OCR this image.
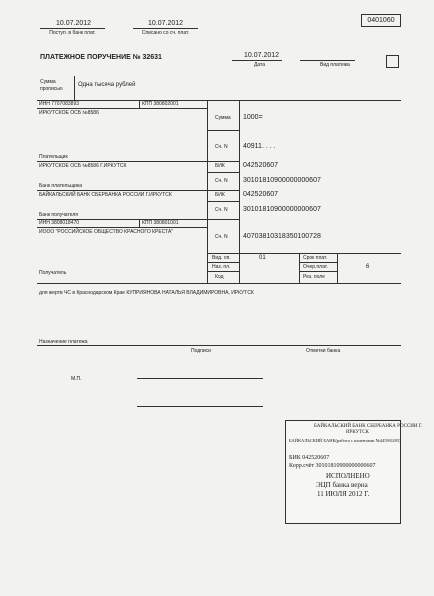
10.07.2012
Поступ. в банк плат.
10.07.2012
Списано со сч. плат.
0401060
ПЛАТЕЖНОЕ ПОРУЧЕНИЕ № 32631	10.07.2012
Дата	Вид платежа
Сумма
прописью
Одна тысяча рублей
ИНН 7707083893	КПП 380802001
ИРКУТСКОЕ ОСБ №8586
Сумма 1000=
Сч. N 40911. . . .
Плательщик
ИРКУТСКОЕ ОСБ №8586 Г.ИРКУТСК	БИК	042520607
Сч. N 30101810900000000607
Банк плательщика
БАЙКАЛЬСКИЙ БАНК СБЕРБАНКА РОССИИ Г.ИРКУТСК	БИК	042520607
Сч. N 30101810900000000607
Банк получателя
ИНН 3808018470	КПП 380801001
ИООО "РОССИЙСКОЕ ОБЩЕСТВО КРАСНОГО КРЕСТА"
Сч. N 40703810318350100728
Получатель
Вид. оп.	01
Наз. пл.
Код
Срок плат.
Очер.плат.	6
Рез. поле
для жертв ЧС в Краснодарском Крае КУПРИЯНОВА НАТАЛЬЯ ВЛАДИМИРОВНА, ИРКУТСК
Назначение платежа
Подписи	Отметки банка
М.П.
БАЙКАЛЬСКИЙ БАНК СБЕРБАНКА РОССИИ Г.
ИРКУТСК
БАЙКАЛЬСКИЙ БАНК(работа с клиентами №4459/0283)
БИК 042520607
Корр.счёт 30101810900000000607
ИСПОЛНЕНО
ЭЦП банка верна
11 ИЮЛЯ 2012 Г.
